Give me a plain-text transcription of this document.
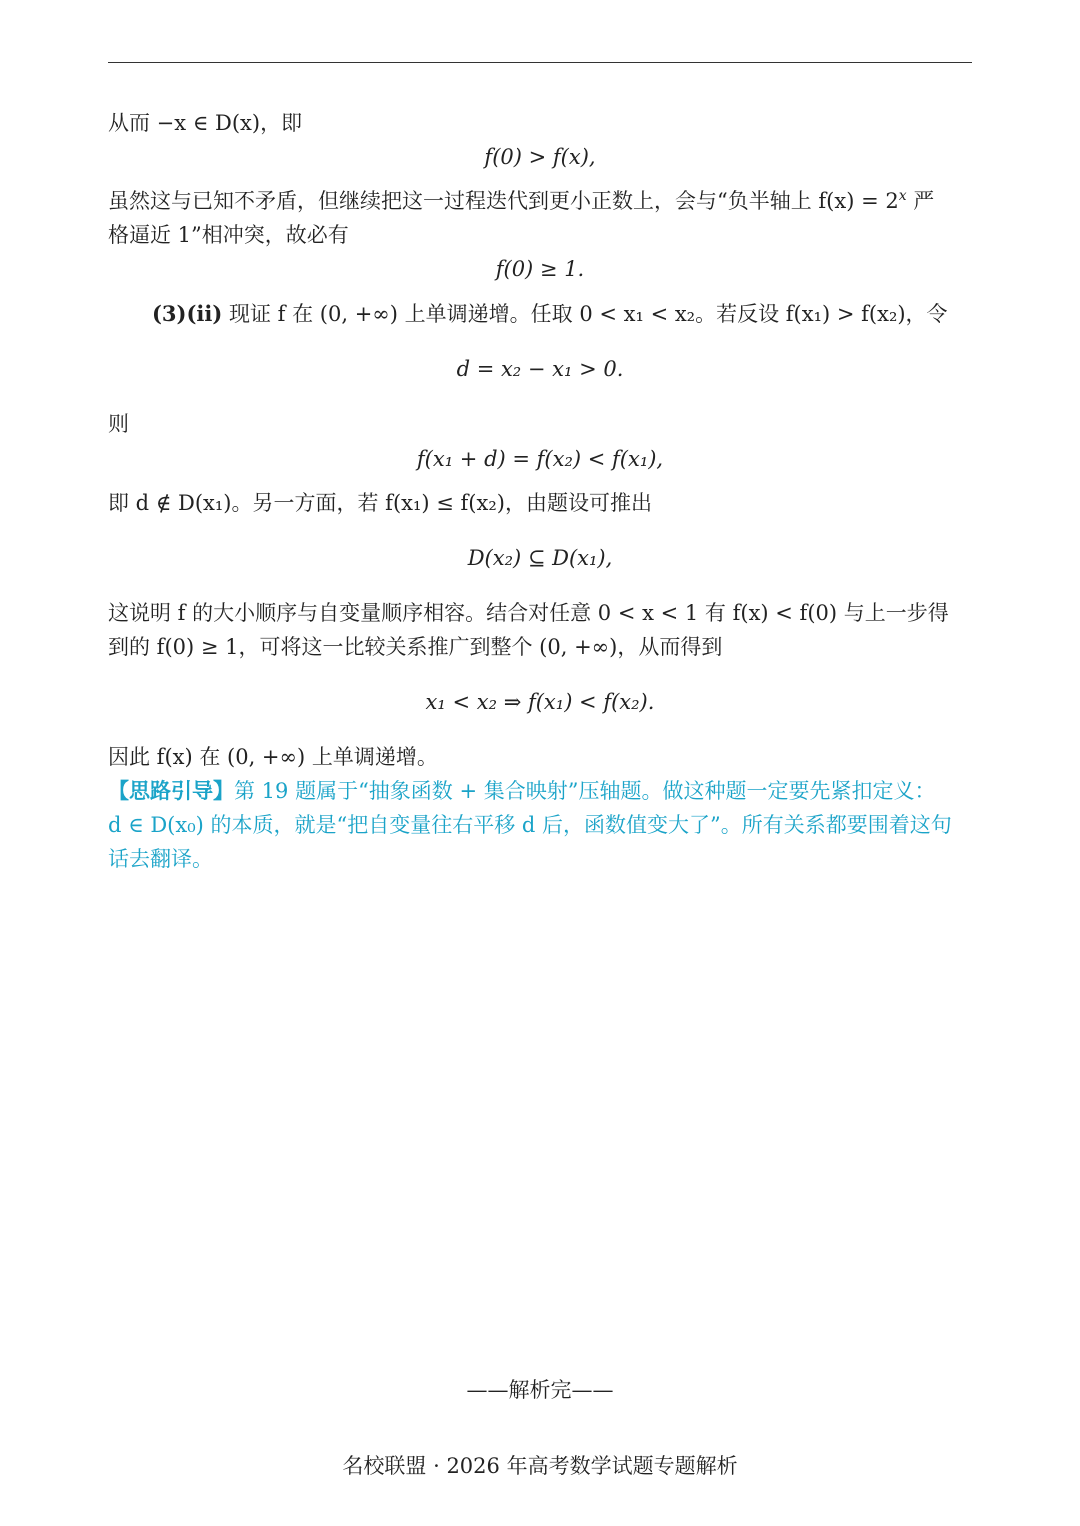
从而 −x ∈ D(x)，即
f(0) > f(x),
虽然这与已知不矛盾，但继续把这一过程迭代到更小正数上，会与“负半轴上 $f(x) = 2^x$ 严
格逼近 1”相冲突，故必有
f(0) ≥ 1.
(3)(ii) 现证 f 在 (0, +∞) 上单调递增。任取 0 < x₁ < x₂。若反设 f(x₁) > f(x₂)，令
d = x₂ − x₁ > 0.
则
f(x₁ + d) = f(x₂) < f(x₁),
即 d ∉ D(x₁)。另一方面，若 f(x₁) ≤ f(x₂)，由题设可推出
D(x₂) ⊆ D(x₁),
这说明 f 的大小顺序与自变量顺序相容。结合对任意 0 < x < 1 有 f(x) < f(0) 与上一步得
到的 f(0) ≥ 1，可将这一比较关系推广到整个 (0, +∞)，从而得到
x₁ < x₂ ⇒ f(x₁) < f(x₂).
因此 f(x) 在 (0, +∞) 上单调递增。
【思路引导】第 19 题属于“抽象函数 + 集合映射”压轴题。做这种题一定要先紧扣定义：
d ∈ D(x₀) 的本质，就是“把自变量往右平移 d 后，函数值变大了”。所有关系都要围着这句
话去翻译。
——解析完——
名校联盟 · 2026 年高考数学试题专题解析
